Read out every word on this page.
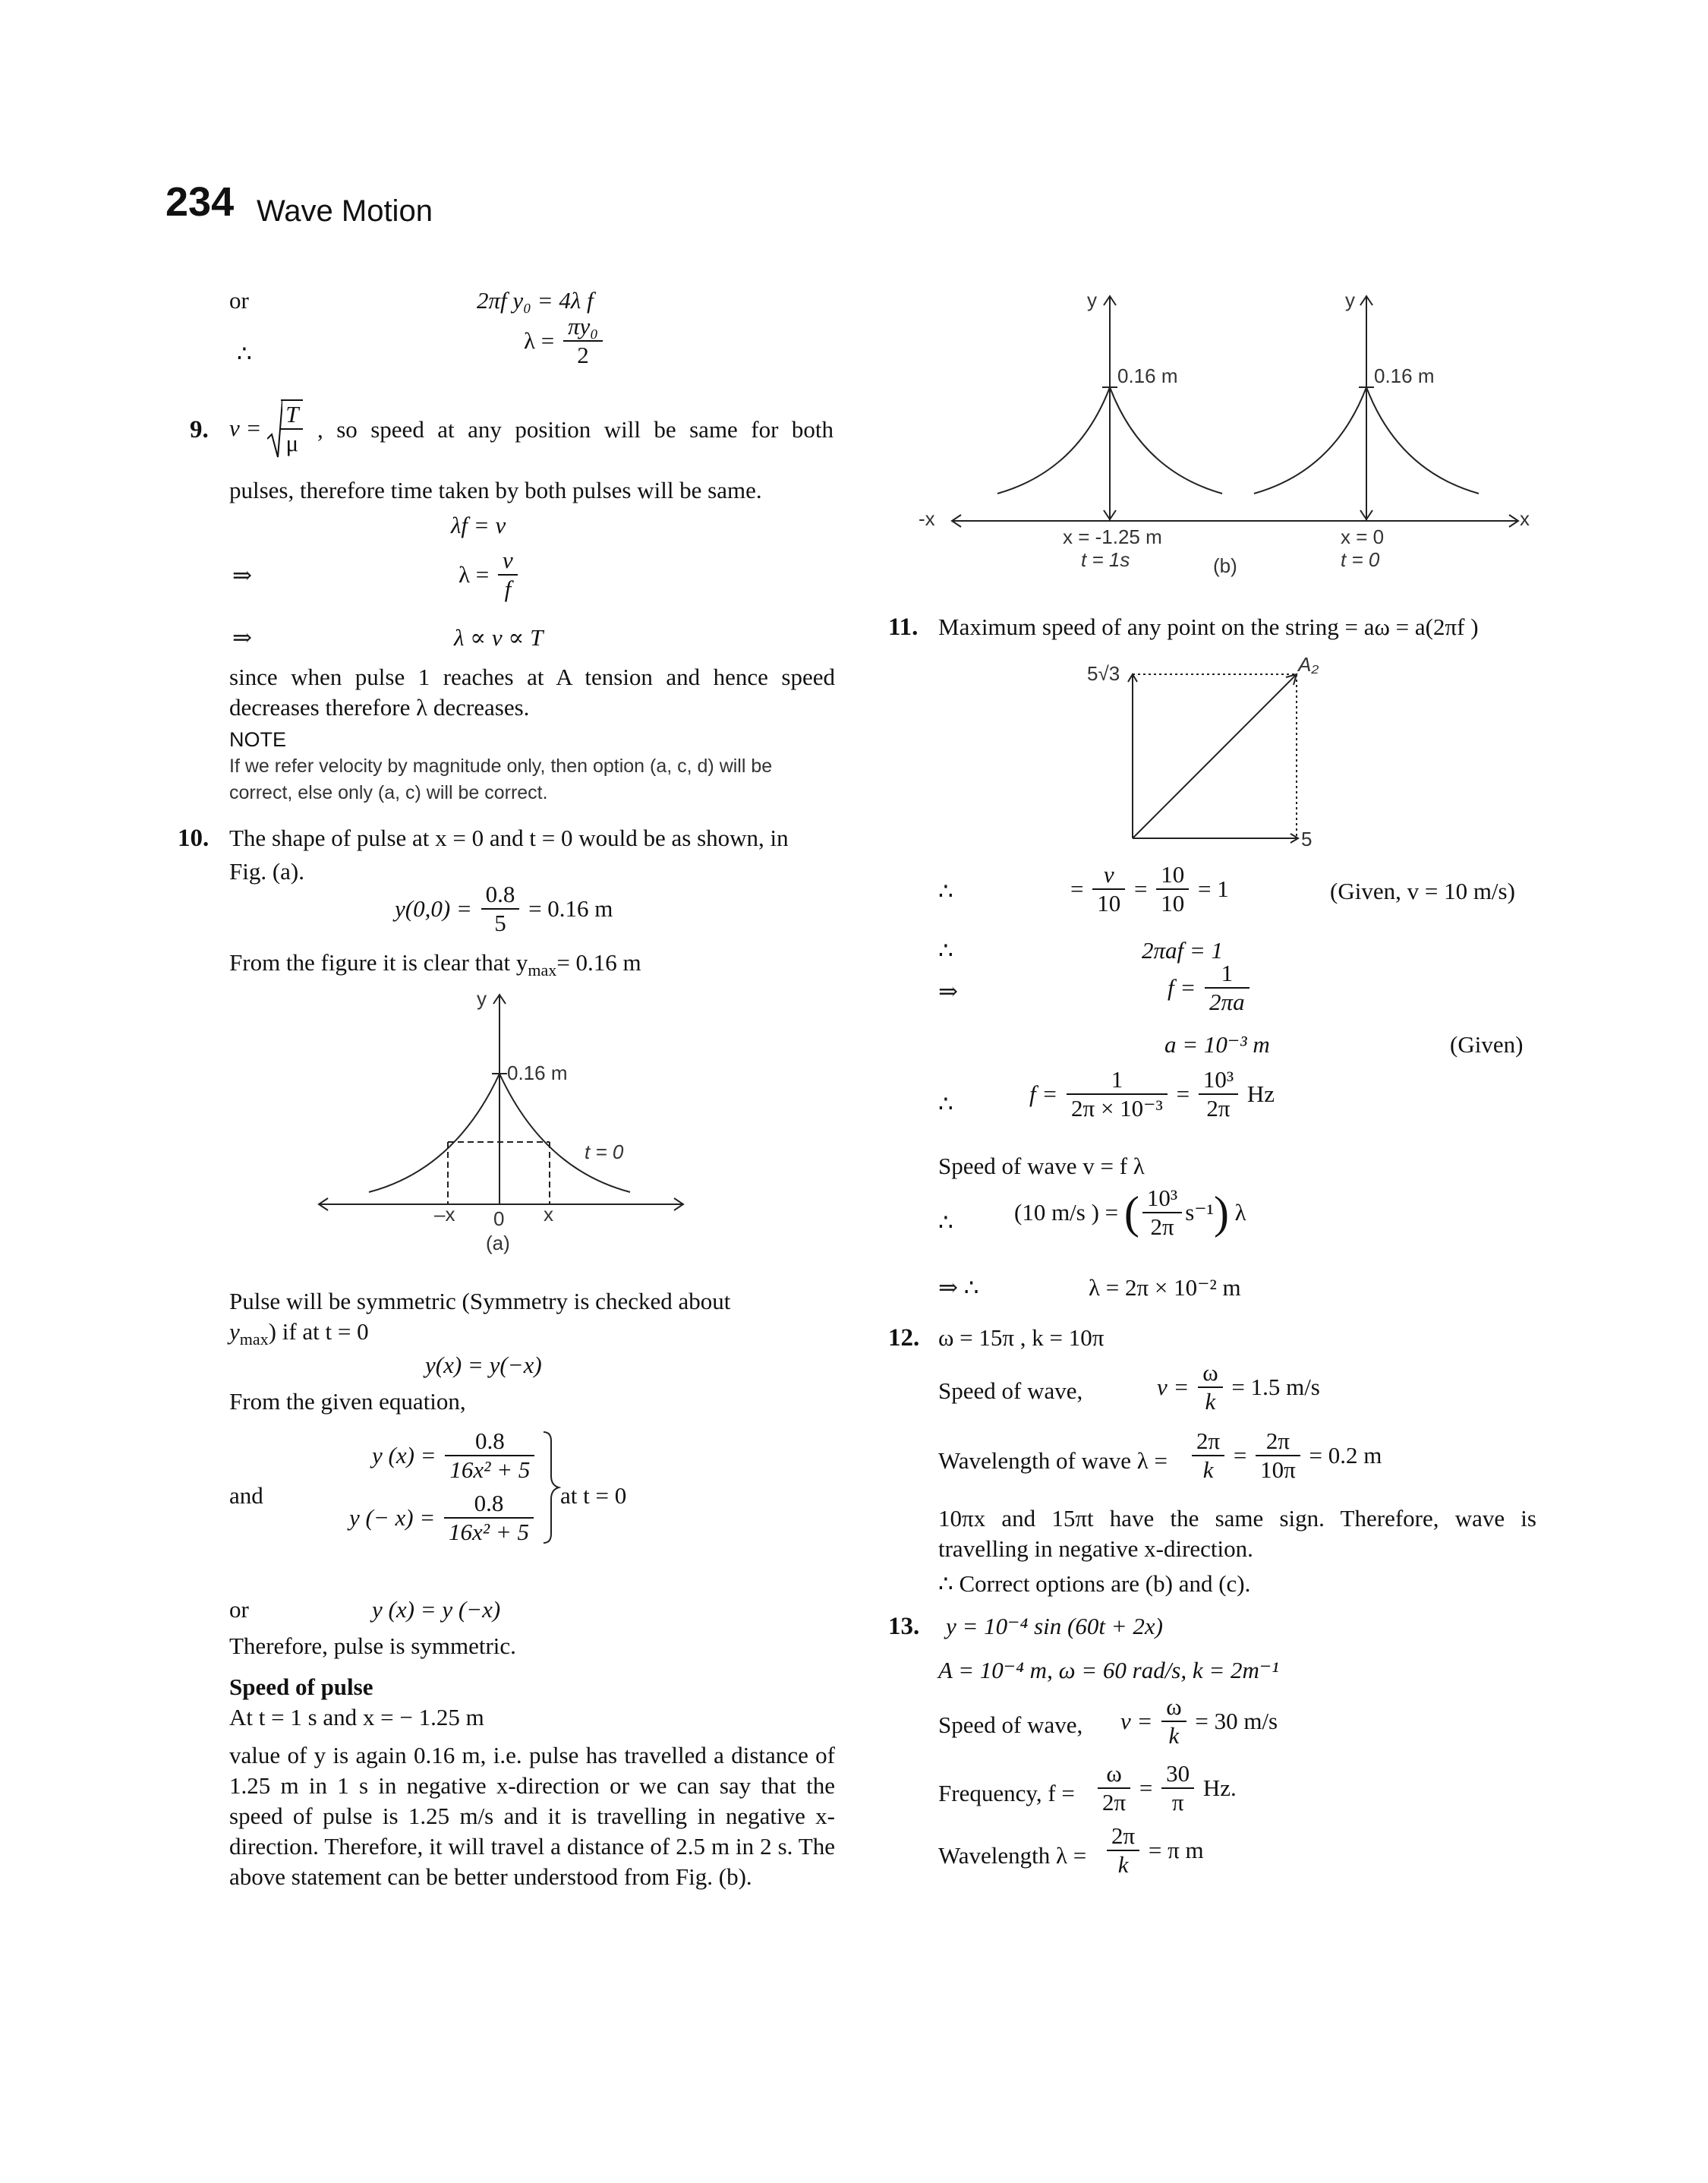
234 Wave Motion
or	2πf y₀ = 4λ f
∴	$\lambda = \frac{\text{πy₀}}{2}$
9. $v = \frac{T}{\mu}$ , so speed at any position will be same for both
pulses, therefore time taken by both pulses will be same.
λf = v
⇒	$\lambda = \frac{v}{f}$
⇒	λ ∝ v ∝ T
since when pulse 1 reaches at A tension and hence speed decreases therefore λ decreases.
NOTE
If we refer velocity by magnitude only, then option (a, c, d) will be correct, else only (a, c) will be correct.
10. The shape of pulse at x = 0 and t = 0 would be as shown, in
Fig. (a).
$y(0,0) = \frac{0.8}{5} = 0.16$ m
From the figure it is clear that $y_{max}= 0.16$ m
y
0.16 m
t = 0
–x 0 x
(a)
Pulse will be symmetric (Symmetry is checked about
$y_{max}$) if at t = 0
y(x) = y(−x)
From the given equation,
y $(x) = \frac{0.8}{\text{16x² + 5}}$
and
y (− $x) = \frac{0.8}{\text{16x² + 5}}$ at t = 0
or	y (x) = y (−x)
Therefore, pulse is symmetric.
Speed of pulse
At t = 1 s and x = − 1.25 m
value of y is again 0.16 m, i.e. pulse has travelled a distance of 1.25 m in 1 s in negative x-direction or we can say that the speed of pulse is 1.25 m/s and it is travelling in negative x-direction. Therefore, it will travel a distance of 2.5 m in 2 s. The above statement can be better understood from Fig. (b).
y	y
0.16 m	0.16 m
-x	x
x = -1.25 m
t = 1s
x = 0
t = 0
(b)
11. Maximum speed of any point on the string = aω = a(2πf )
5√3	A₂
5
∴	= $\frac{v}{10} = \frac{10}{10} = 1$	(Given, v = 10 m/s)
∴	2πaf = 1
⇒	$f = \frac{1}{2\pi a}$
a = 10⁻³ m	(Given)
∴	$f = \frac{1}{\text{2π × 10⁻³}} = \frac{\text{10³}}{2\pi}$ Hz
Speed of wave v = f λ
∴	(10 m/s ) = ( $\frac{\text{10³}}{2\pi} s^{-1}$) λ
⇒ ∴	λ = 2π × 10⁻² m
12. ω = 15π , k = 10π
Speed of wave,	$v = \frac{\omega}{k} = 1.5$ m/s
Wavelength of wave $\lambda = \frac{2\pi}{k} = \frac{2\pi}{10\pi} = 0.2$ m
10πx and 15πt have the same sign. Therefore, wave is travelling in negative x-direction.
∴ Correct options are (b) and (c).
13. y = 10⁻⁴ sin (60t + 2x)
A = 10⁻⁴ m, ω = 60 rad/s, k = 2m⁻¹
Speed of wave, $v = \frac{\omega}{k} = 30$ m/s
Frequency, $f = \frac{\omega}{2\pi} = \frac{30}{\pi} Hz$.
Wavelength $\lambda = \frac{2\pi}{k} = \pi$ m
